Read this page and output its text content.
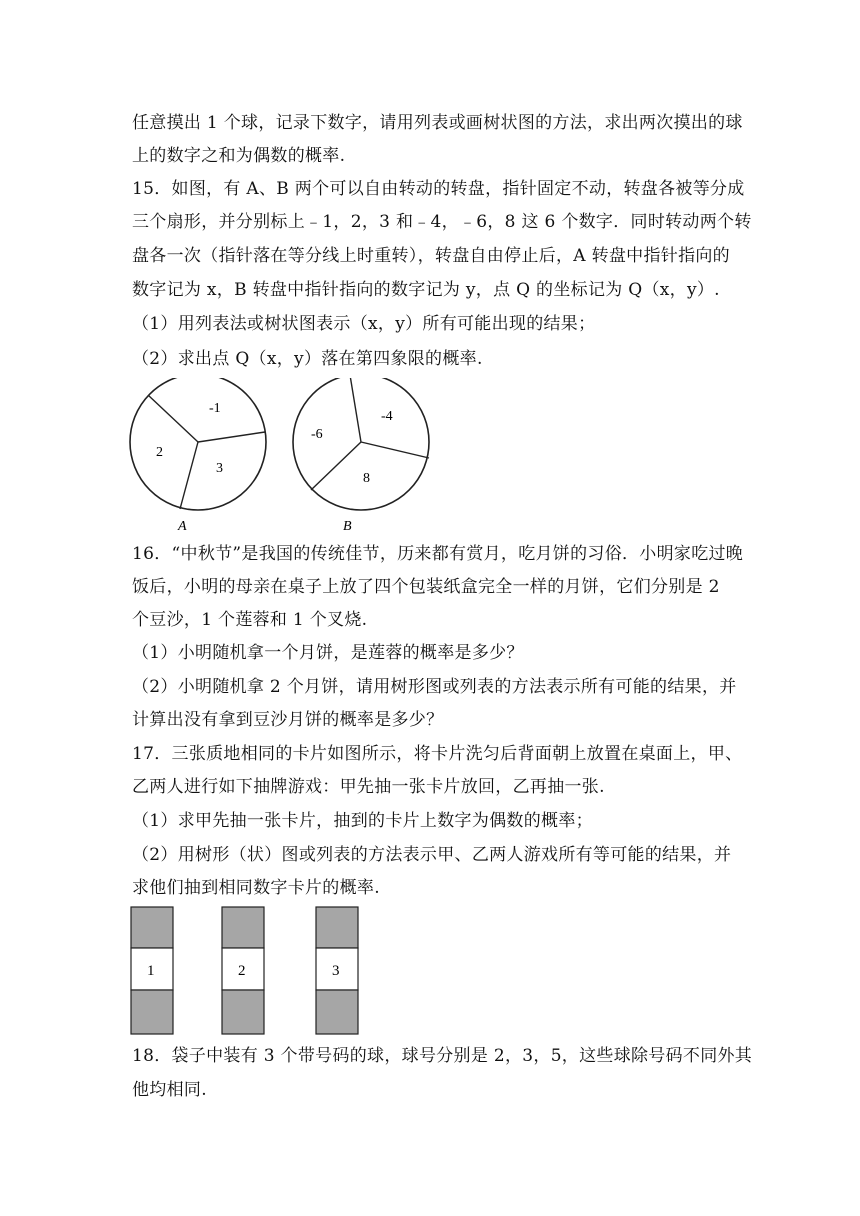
任意摸出 1 个球，记录下数字，请用列表或画树状图的方法，求出两次摸出的球
上的数字之和为偶数的概率.
15．如图，有 A、B 两个可以自由转动的转盘，指针固定不动，转盘各被等分成
三个扇形，并分别标上﹣1，2，3 和﹣4，﹣6，8 这 6 个数字．同时转动两个转
盘各一次（指针落在等分线上时重转），转盘自由停止后，A 转盘中指针指向的
数字记为 x，B 转盘中指针指向的数字记为 y，点 Q 的坐标记为 Q（x，y）.
（1）用列表法或树状图表示（x，y）所有可能出现的结果；
（2）求出点 Q（x，y）落在第四象限的概率.
-1
2
3
A
-4
-6
8
B
16．“中秋节”是我国的传统佳节，历来都有赏月，吃月饼的习俗．小明家吃过晚
饭后，小明的母亲在桌子上放了四个包装纸盒完全一样的月饼，它们分别是 2
个豆沙，1 个莲蓉和 1 个叉烧.
（1）小明随机拿一个月饼，是莲蓉的概率是多少？
（2）小明随机拿 2 个月饼，请用树形图或列表的方法表示所有可能的结果，并
计算出没有拿到豆沙月饼的概率是多少？
17．三张质地相同的卡片如图所示，将卡片洗匀后背面朝上放置在桌面上，甲、
乙两人进行如下抽牌游戏：甲先抽一张卡片放回，乙再抽一张.
（1）求甲先抽一张卡片，抽到的卡片上数字为偶数的概率；
（2）用树形（状）图或列表的方法表示甲、乙两人游戏所有等可能的结果，并
求他们抽到相同数字卡片的概率.
1	2	3
18．袋子中装有 3 个带号码的球，球号分别是 2，3，5，这些球除号码不同外其
他均相同.
